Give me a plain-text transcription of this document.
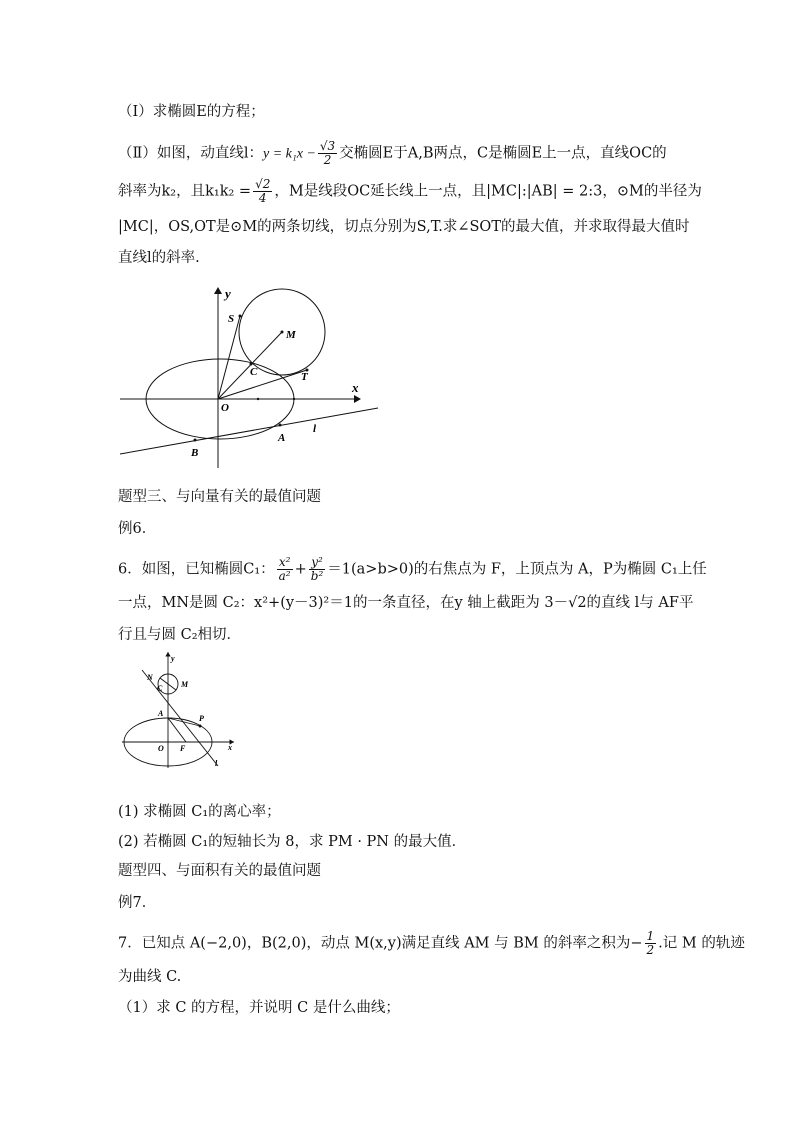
（Ⅰ）求椭圆E的方程；
（Ⅱ）如图，动直线l：$y = k_1x - \frac{√3}{2}$ 交椭圆E于A,B两点，C是椭圆E上一点，直线OC的
斜率为k₂，且$k_1k_2 = \frac{√2}{4}$ ，M是线段OC延长线上一点，且|MC|:|AB| = 2:3，⊙M的半径为
|MC|，OS,OT是⊙M的两条切线，切点分别为S,T.求∠SOT的最大值，并求取得最大值时
直线l的斜率.
y
x
S
M
C	T
O
A
B
l
题型三、与向量有关的最值问题
例6．
6．如图，已知椭圆C₁： $\frac{\text{x²}}{\text{a²}} + \frac{\text{y²}}{\text{b²}} =1(a>b>0)$的右焦点为 F，上顶点为 A，P为椭圆 C₁上任
一点，MN是圆 C₂：x²+(y－3)²＝1的一条直径，在y 轴上截距为 3－√2的直线 l与 AF平
行且与圆 C₂相切．
y
N
C M
A
P
O F	x
l
(1) 求椭圆 C₁的离心率；
(2) 若椭圆 C₁的短轴长为 8，求 PM · PN 的最大值．
题型四、与面积有关的最值问题
例7．
7．已知点 A(−2,0)，B(2,0)，动点 M(x,y)满足直线 AM 与 BM 的斜率之积为− $\frac{1}{2}$ .记 M 的轨迹
为曲线 C.
（1）求 C 的方程，并说明 C 是什么曲线；
